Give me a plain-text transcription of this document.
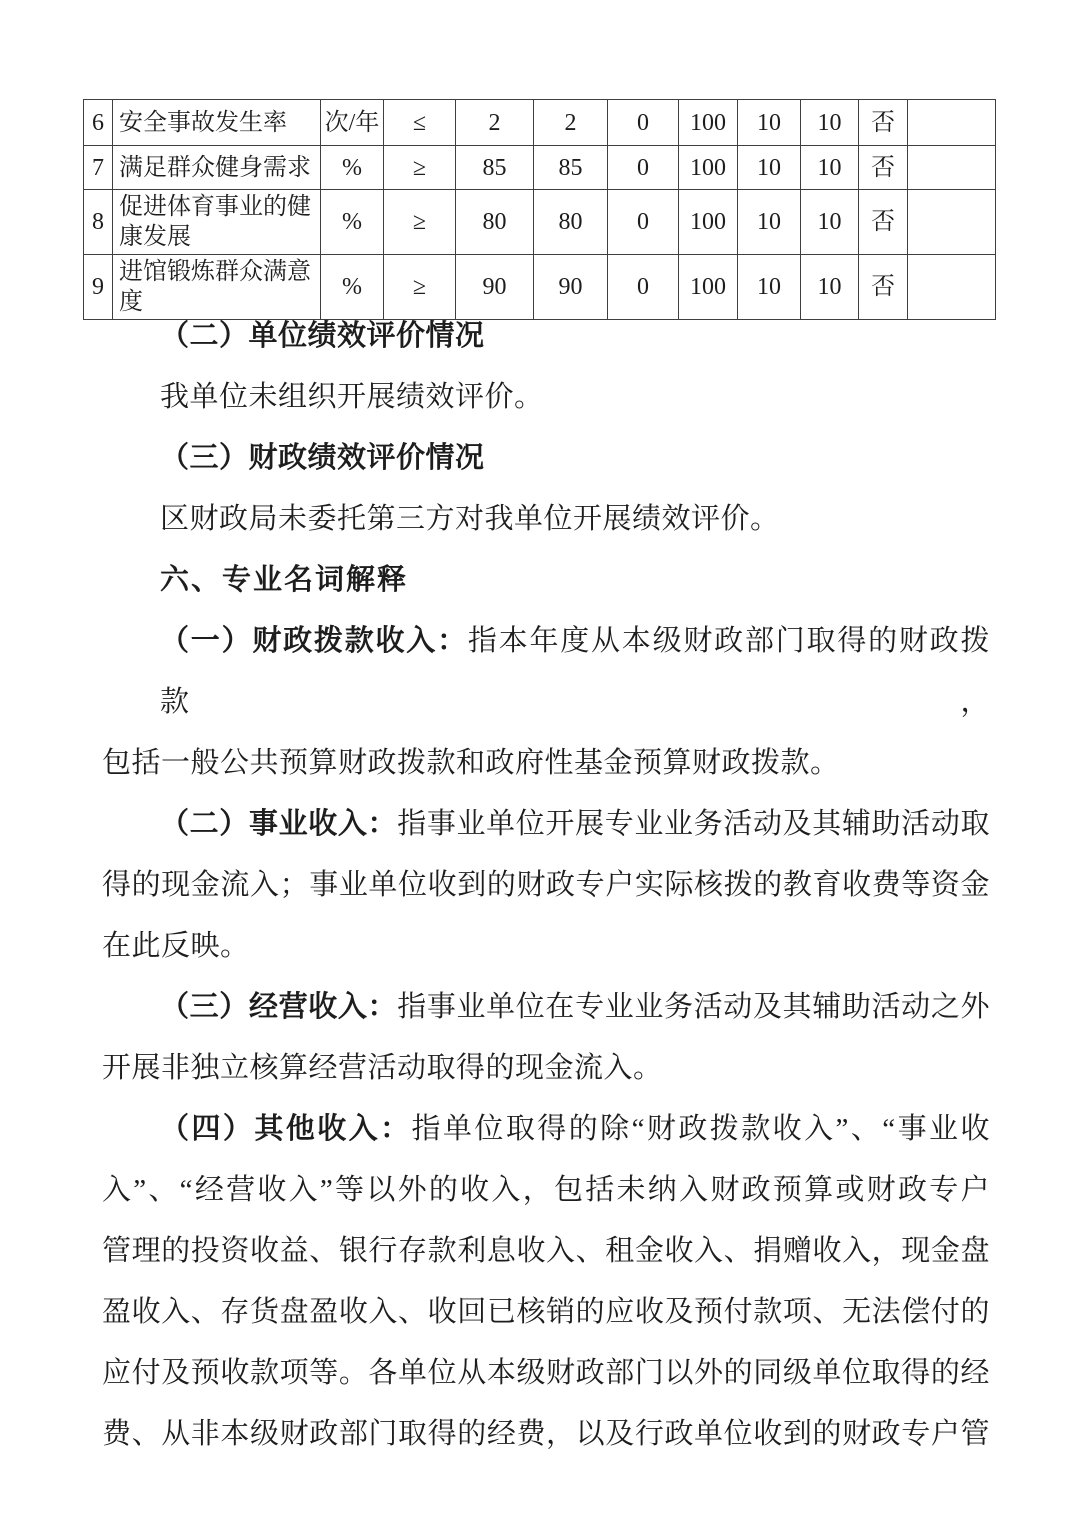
6	安全事故发生率	次/年	≤	2	2	0	100	10	10	否	
7	满足群众健身需求	%	≥	85	85	0	100	10	10	否	
8	促进体育事业的健康发展	%	≥	80	80	0	100	10	10	否	
9	进馆锻炼群众满意度	%	≥	90	90	0	100	10	10	否	
（二）单位绩效评价情况
我单位未组织开展绩效评价。
（三）财政绩效评价情况
区财政局未委托第三方对我单位开展绩效评价。
六、专业名词解释
（一）财政拨款收入：指本年度从本级财政部门取得的财政拨款，
包括一般公共预算财政拨款和政府性基金预算财政拨款。
（二）事业收入：指事业单位开展专业业务活动及其辅助活动取
得的现金流入；事业单位收到的财政专户实际核拨的教育收费等资金
在此反映。
（三）经营收入：指事业单位在专业业务活动及其辅助活动之外
开展非独立核算经营活动取得的现金流入。
（四）其他收入：指单位取得的除“财政拨款收入”、“事业收
入”、“经营收入”等以外的收入，包括未纳入财政预算或财政专户
管理的投资收益、银行存款利息收入、租金收入、捐赠收入，现金盘
盈收入、存货盘盈收入、收回已核销的应收及预付款项、无法偿付的
应付及预收款项等。各单位从本级财政部门以外的同级单位取得的经
费、从非本级财政部门取得的经费，以及行政单位收到的财政专户管
